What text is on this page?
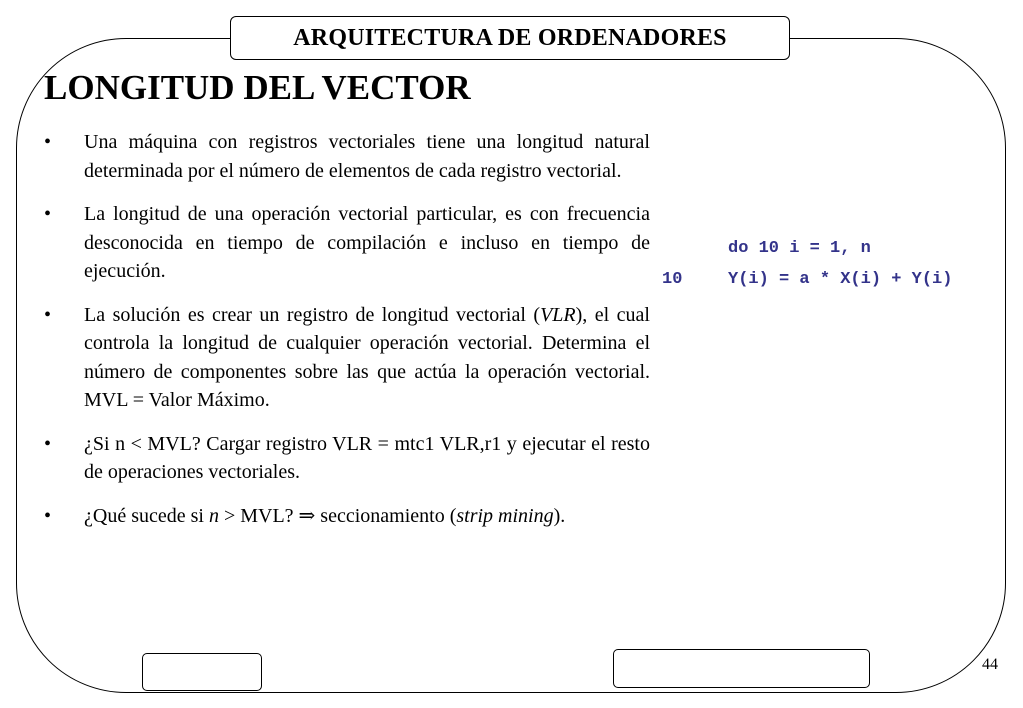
ARQUITECTURA DE ORDENADORES
LONGITUD DEL VECTOR
• Una máquina con registros vectoriales tiene una longitud natural determinada por el número de elementos de cada registro vectorial.
• La longitud de una operación vectorial particular, es con frecuencia desconocida en tiempo de compilación e incluso en tiempo de ejecución.
• La solución es crear un registro de longitud vectorial (VLR), el cual controla la longitud de cualquier operación vectorial. Determina el número de componentes sobre las que actúa la operación vectorial. MVL = Valor Máximo.
• ¿Si n < MVL? Cargar registro VLR = mtc1 VLR,r1 y ejecutar el resto de operaciones vectoriales.
• ¿Qué sucede si n > MVL? ⇒ seccionamiento (strip mining).
do 10 i = 1, n
10	Y(i) = a * X(i) + Y(i)
44
